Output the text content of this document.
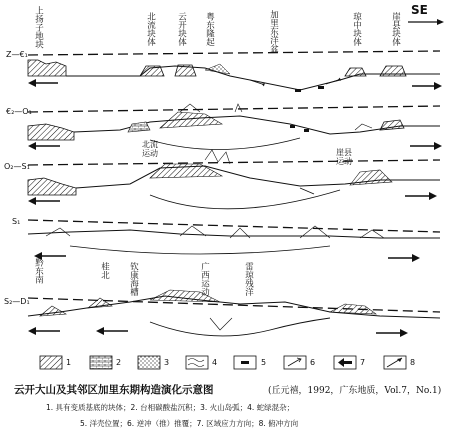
SE
上扬子地块	北流块体 云开块体 粤东隆起	加里东洋盆	琼中块体	崖县块体
Z—€₁
€₂—O₁
O₂—S₁
S₁
S₂—D₁
北流运动	崖县运动
黔东南	桂北 钦康海槽	广西运动	雷琼残洋
1	2	3	4	5	6	7	8
云开大山及其邻区加里东期构造演化示意图	(丘元禧，1992，广东地质，Vol.7，No.1)
1. 具有变质基底的块体；2. 台相碳酸盐沉积；3. 火山岛弧；4. 蛇绿混杂；
5. 洋壳位置；6. 逆冲（推）推覆；7. 区域应力方向；8. 俯冲方向
